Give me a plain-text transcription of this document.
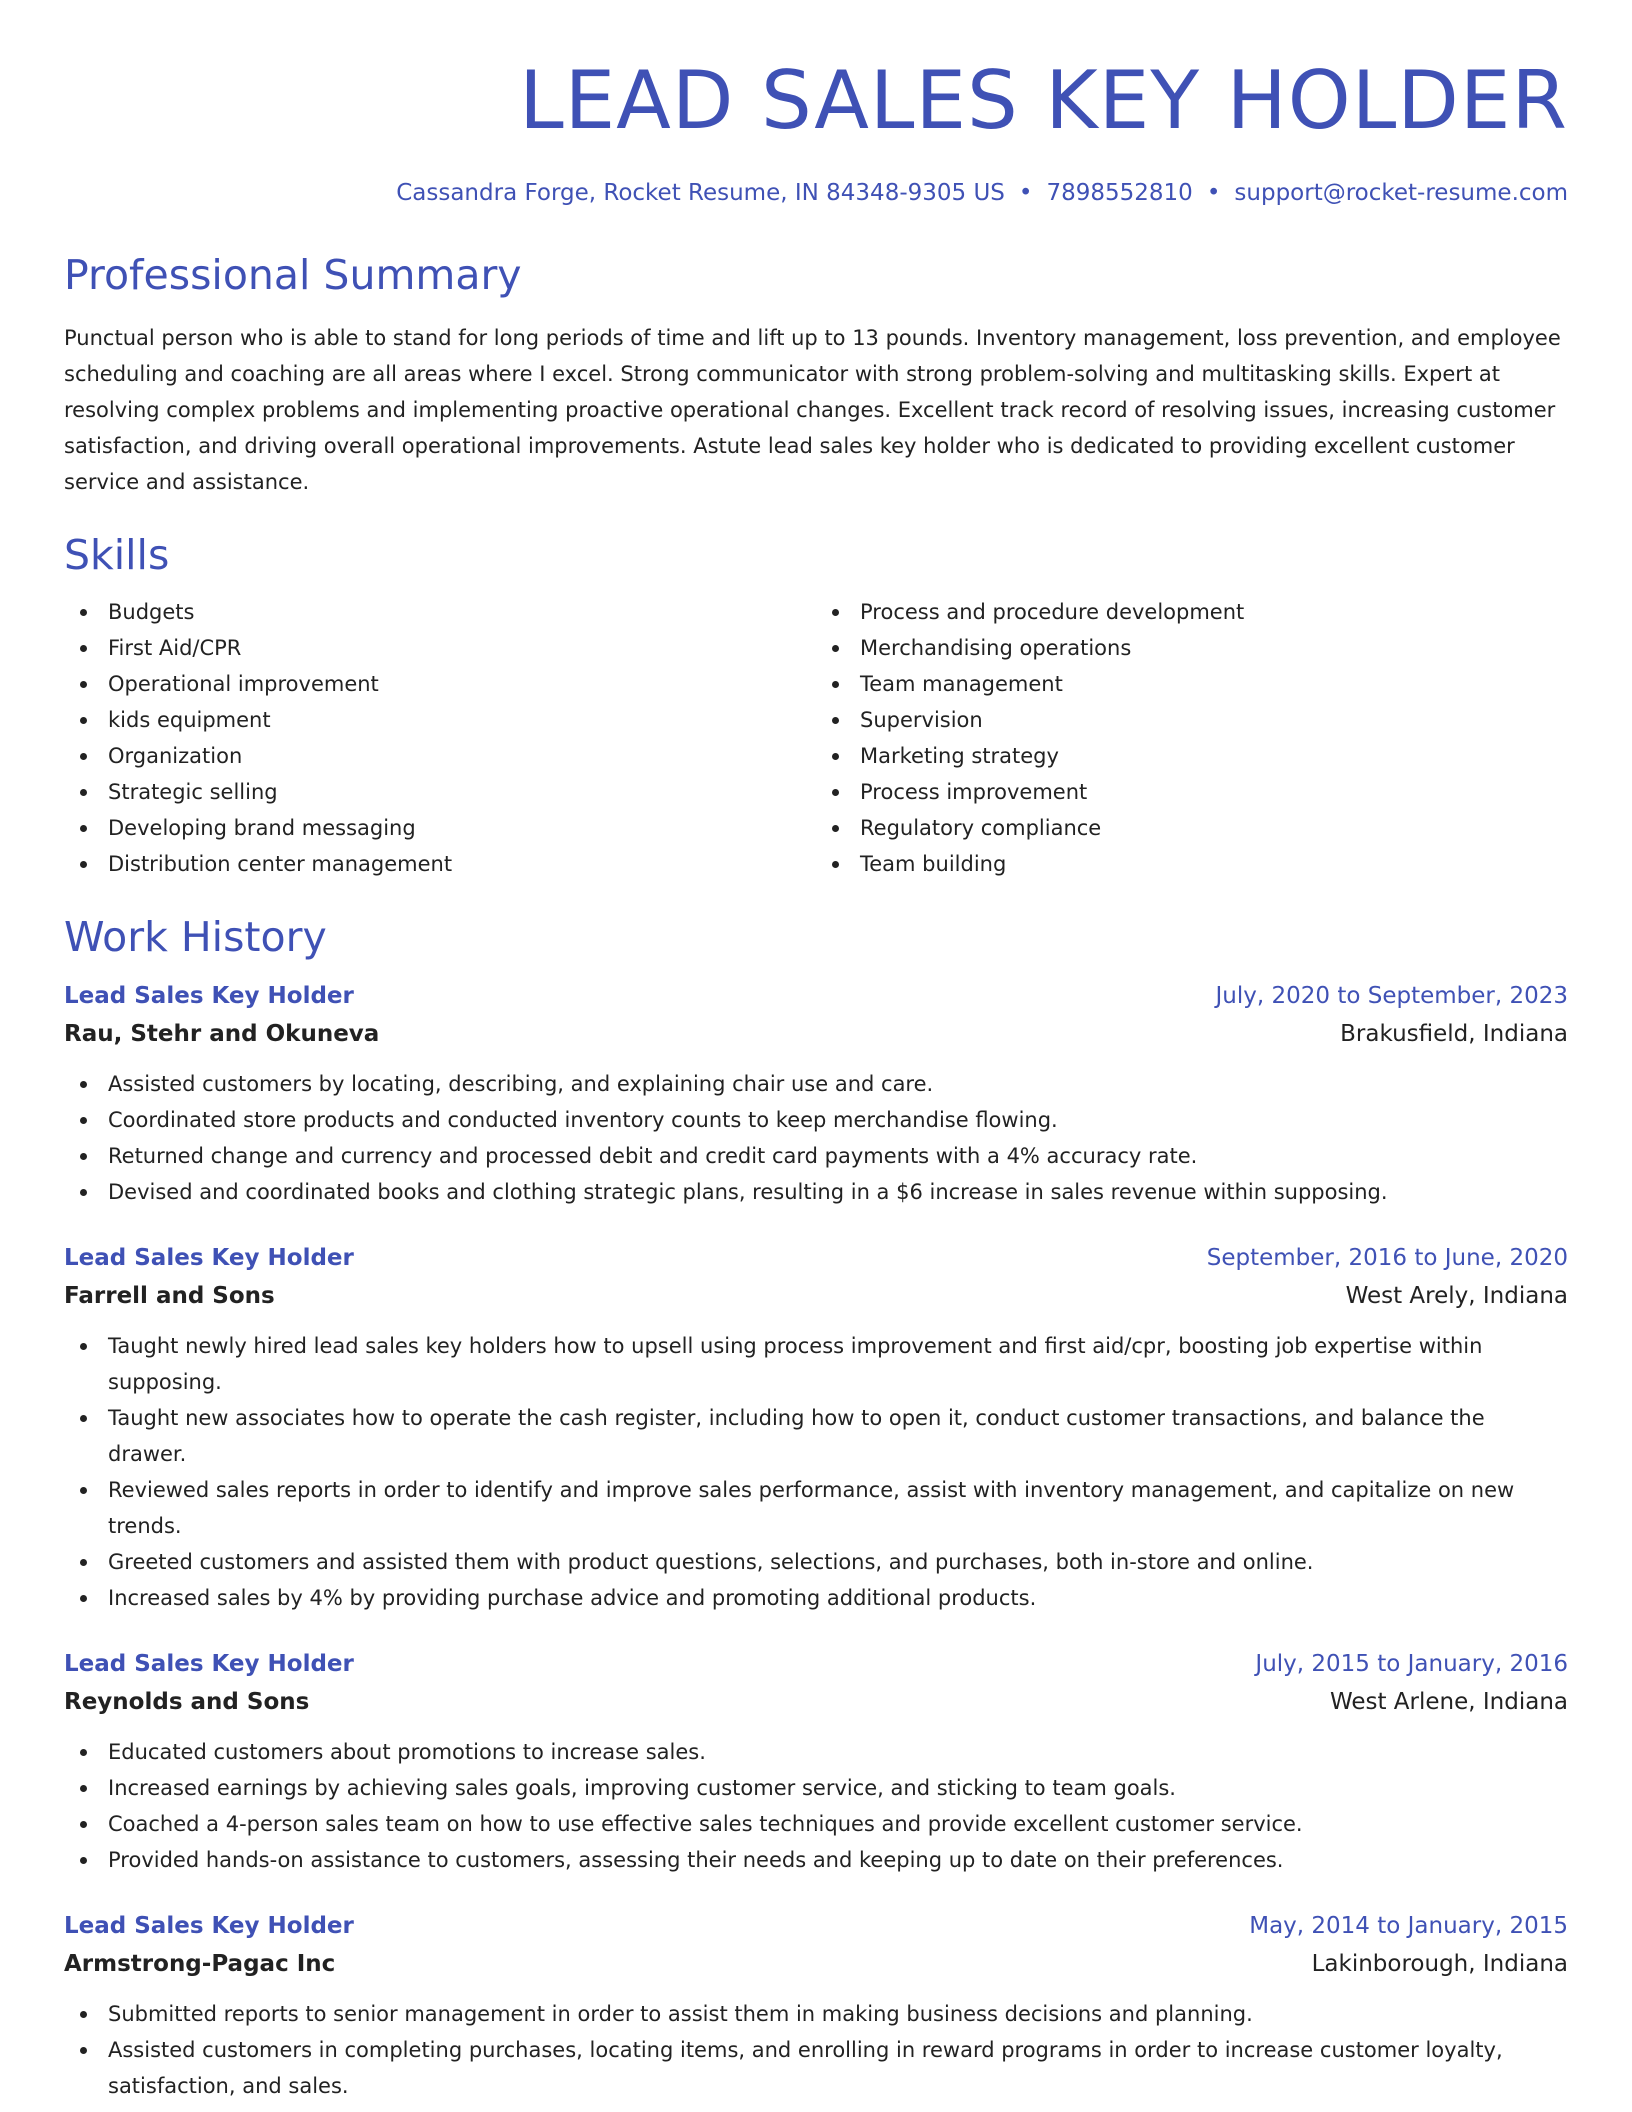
LEAD SALES KEY HOLDER
Cassandra Forge, Rocket Resume, IN 84348-9305 US • 7898552810 • support@rocket-resume.com
Professional Summary
Punctual person who is able to stand for long periods of time and lift up to 13 pounds. Inventory management, loss prevention, and employee scheduling and coaching are all areas where I excel. Strong communicator with strong problem-solving and multitasking skills. Expert at resolving complex problems and implementing proactive operational changes. Excellent track record of resolving issues, increasing customer satisfaction, and driving overall operational improvements. Astute lead sales key holder who is dedicated to providing excellent customer service and assistance.
Skills
Budgets
First Aid/CPR
Operational improvement
kids equipment
Organization
Strategic selling
Developing brand messaging
Distribution center management
Process and procedure development
Merchandising operations
Team management
Supervision
Marketing strategy
Process improvement
Regulatory compliance
Team building
Work History
Lead Sales Key Holder	July, 2020 to September, 2023
Rau, Stehr and Okuneva	Brakusfield, Indiana
Assisted customers by locating, describing, and explaining chair use and care.
Coordinated store products and conducted inventory counts to keep merchandise flowing.
Returned change and currency and processed debit and credit card payments with a 4% accuracy rate.
Devised and coordinated books and clothing strategic plans, resulting in a $6 increase in sales revenue within supposing.
Lead Sales Key Holder	September, 2016 to June, 2020
Farrell and Sons	West Arely, Indiana
Taught newly hired lead sales key holders how to upsell using process improvement and first aid/cpr, boosting job expertise within supposing.
Taught new associates how to operate the cash register, including how to open it, conduct customer transactions, and balance the drawer.
Reviewed sales reports in order to identify and improve sales performance, assist with inventory management, and capitalize on new trends.
Greeted customers and assisted them with product questions, selections, and purchases, both in-store and online.
Increased sales by 4% by providing purchase advice and promoting additional products.
Lead Sales Key Holder	July, 2015 to January, 2016
Reynolds and Sons	West Arlene, Indiana
Educated customers about promotions to increase sales.
Increased earnings by achieving sales goals, improving customer service, and sticking to team goals.
Coached a 4-person sales team on how to use effective sales techniques and provide excellent customer service.
Provided hands-on assistance to customers, assessing their needs and keeping up to date on their preferences.
Lead Sales Key Holder	May, 2014 to January, 2015
Armstrong-Pagac Inc	Lakinborough, Indiana
Submitted reports to senior management in order to assist them in making business decisions and planning.
Assisted customers in completing purchases, locating items, and enrolling in reward programs in order to increase customer loyalty, satisfaction, and sales.
